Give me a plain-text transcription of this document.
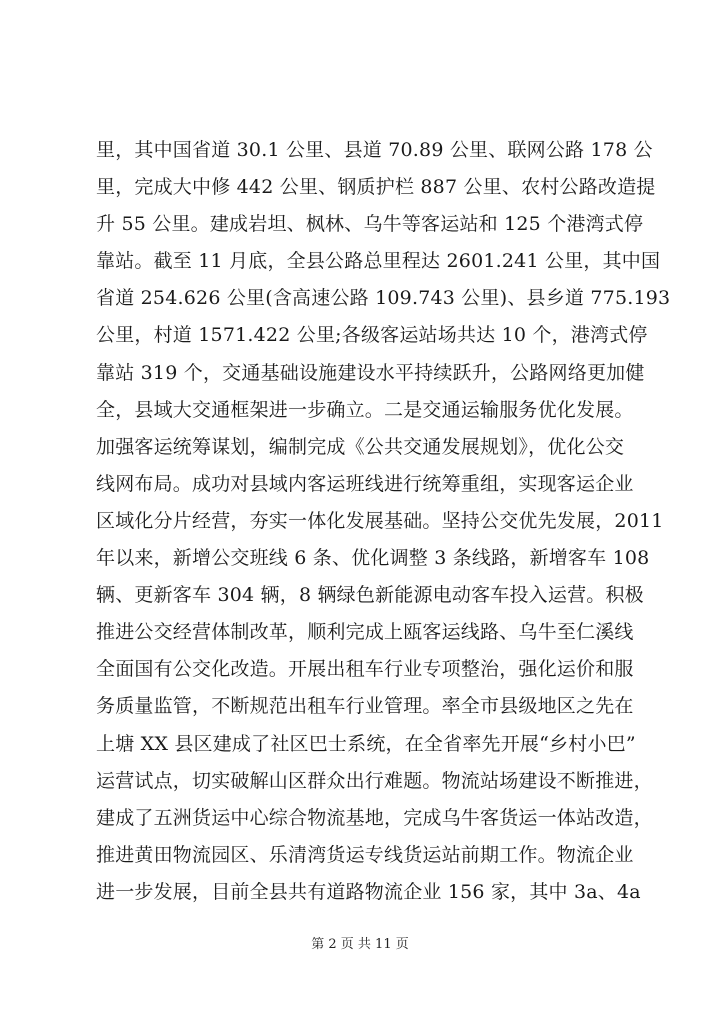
里，其中国省道 30.1 公里、县道 70.89 公里、联网公路 178 公
里，完成大中修 442 公里、钢质护栏 887 公里、农村公路改造提
升 55 公里。建成岩坦、枫林、乌牛等客运站和 125 个港湾式停
靠站。截至 11 月底，全县公路总里程达 2601.241 公里，其中国
省道 254.626 公里(含高速公路 109.743 公里)、县乡道 775.193
公里，村道 1571.422 公里;各级客运站场共达 10 个，港湾式停
靠站 319 个，交通基础设施建设水平持续跃升，公路网络更加健
全，县域大交通框架进一步确立。二是交通运输服务优化发展。
加强客运统筹谋划，编制完成《公共交通发展规划》，优化公交
线网布局。成功对县域内客运班线进行统筹重组，实现客运企业
区域化分片经营，夯实一体化发展基础。坚持公交优先发展，2011
年以来，新增公交班线 6 条、优化调整 3 条线路，新增客车 108
辆、更新客车 304 辆，8 辆绿色新能源电动客车投入运营。积极
推进公交经营体制改革，顺利完成上瓯客运线路、乌牛至仁溪线
全面国有公交化改造。开展出租车行业专项整治，强化运价和服
务质量监管，不断规范出租车行业管理。率全市县级地区之先在
上塘 XX 县区建成了社区巴士系统，在全省率先开展“乡村小巴”
运营试点，切实破解山区群众出行难题。物流站场建设不断推进，
建成了五洲货运中心综合物流基地，完成乌牛客货运一体站改造，
推进黄田物流园区、乐清湾货运专线货运站前期工作。物流企业
进一步发展，目前全县共有道路物流企业 156 家，其中 3a、4a
第 2 页 共 11 页
